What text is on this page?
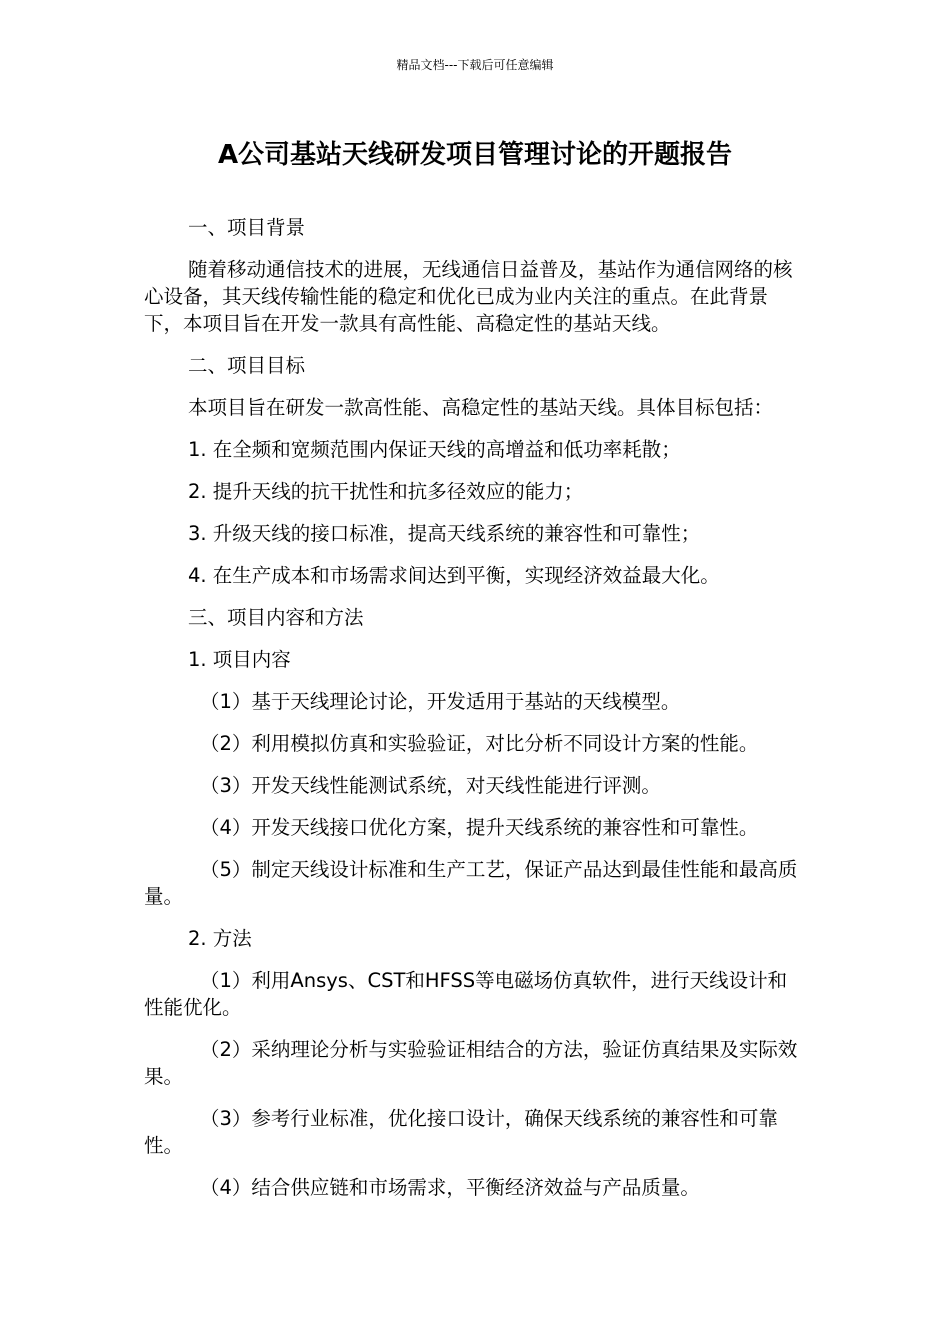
精品文档---下载后可任意编辑
A公司基站天线研发项目管理讨论的开题报告

一、项目背景

随着移动通信技术的进展，无线通信日益普及，基站作为通信网络的核心设备，其天线传输性能的稳定和优化已成为业内关注的重点。在此背景下，本项目旨在开发一款具有高性能、高稳定性的基站天线。

二、项目目标

本项目旨在研发一款高性能、高稳定性的基站天线。具体目标包括：

1. 在全频和宽频范围内保证天线的高增益和低功率耗散；

2. 提升天线的抗干扰性和抗多径效应的能力；

3. 升级天线的接口标准，提高天线系统的兼容性和可靠性；

4. 在生产成本和市场需求间达到平衡，实现经济效益最大化。

三、项目内容和方法

1. 项目内容

（1）基于天线理论讨论，开发适用于基站的天线模型。

（2）利用模拟仿真和实验验证，对比分析不同设计方案的性能。

（3）开发天线性能测试系统，对天线性能进行评测。

（4）开发天线接口优化方案，提升天线系统的兼容性和可靠性。

（5）制定天线设计标准和生产工艺，保证产品达到最佳性能和最高质量。

2. 方法

（1）利用Ansys、CST和HFSS等电磁场仿真软件，进行天线设计和性能优化。

（2）采纳理论分析与实验验证相结合的方法，验证仿真结果及实际效果。

（3）参考行业标准，优化接口设计，确保天线系统的兼容性和可靠性。

（4）结合供应链和市场需求，平衡经济效益与产品质量。
